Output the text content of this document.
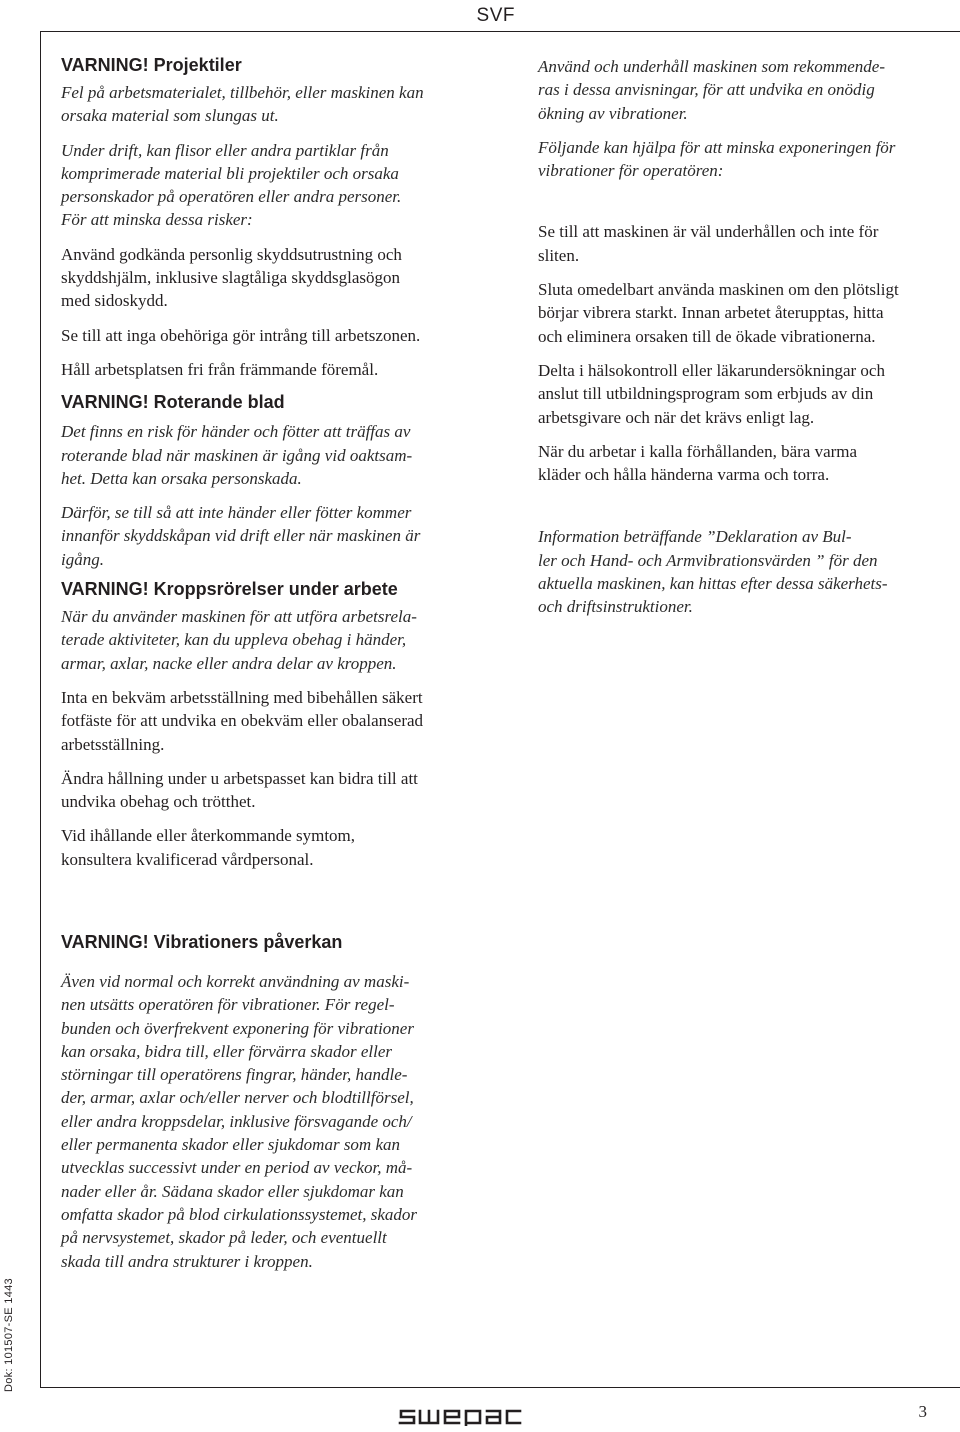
SVF
VARNING! Projektiler

Fel på arbetsmaterialet, tillbehör, eller maskinen kan
orsaka material som slungas ut.

Under drift, kan flisor eller andra partiklar från
komprimerade material bli projektiler och orsaka
personskador på operatören eller andra personer.
För att minska dessa risker:

Använd godkända personlig skyddsutrustning och
skyddshjälm, inklusive slagtåliga skyddsglasögon
med sidoskydd.

Se till att inga obehöriga gör intrång till arbetszonen.

Håll arbetsplatsen fri från främmande föremål.

VARNING! Roterande blad

Det finns en risk för händer och fötter att träffas av
roterande blad när maskinen är igång vid oaktsam-
het. Detta kan orsaka personskada.

Därför, se till så att inte händer eller fötter kommer
innanför skyddskåpan vid drift eller när maskinen är
igång.

VARNING! Kroppsrörelser under arbete

När du använder maskinen för att utföra arbetsrela-
terade aktiviteter, kan du uppleva obehag i händer,
armar, axlar, nacke eller andra delar av kroppen.

Inta en bekväm arbetsställning med bibehållen säkert
fotfäste för att undvika en obekväm eller obalanserad
arbetsställning.

Ändra hållning under u arbetspasset kan bidra till att
undvika obehag och trötthet.

Vid ihållande eller återkommande symtom,
konsultera kvalificerad vårdpersonal.

VARNING! Vibrationers påverkan

Även vid normal och korrekt användning av maski-
nen utsätts operatören för vibrationer. För regel-
bunden och överfrekvent exponering för vibrationer
kan orsaka, bidra till, eller förvärra skador eller
störningar till operatörens fingrar, händer, handle-
der, armar, axlar och/eller nerver och blodtillförsel,
eller andra kroppsdelar, inklusive försvagande och/
eller permanenta skador eller sjukdomar som kan
utvecklas successivt under en period av veckor, må-
nader eller år. Sädana skador eller sjukdomar kan
omfatta skador på blod cirkulationssystemet, skador
på nervsystemet, skador på leder, och eventuellt
skada till andra strukturer i kroppen.

Använd och underhåll maskinen som rekommende-
ras i dessa anvisningar, för att undvika en onödig
ökning av vibrationer.

Följande kan hjälpa för att minska exponeringen för
vibrationer för operatören:

Se till att maskinen är väl underhållen och inte för
sliten.

Sluta omedelbart använda maskinen om den plötsligt
börjar vibrera starkt. Innan arbetet återupptas, hitta
och eliminera orsaken till de ökade vibrationerna.

Delta i hälsokontroll eller läkarundersökningar och
anslut till utbildningsprogram som erbjuds av din
arbetsgivare och när det krävs enligt lag.

När du arbetar i kalla förhållanden, bära varma
kläder och hålla händerna varma och torra.

Information beträffande ”Deklaration av Bul-
ler och Hand- och Armvibrationsvärden ” för den
aktuella maskinen, kan hittas efter dessa säkerhets-
och driftsinstruktioner.

Dok: 101507-SE 1443
3
